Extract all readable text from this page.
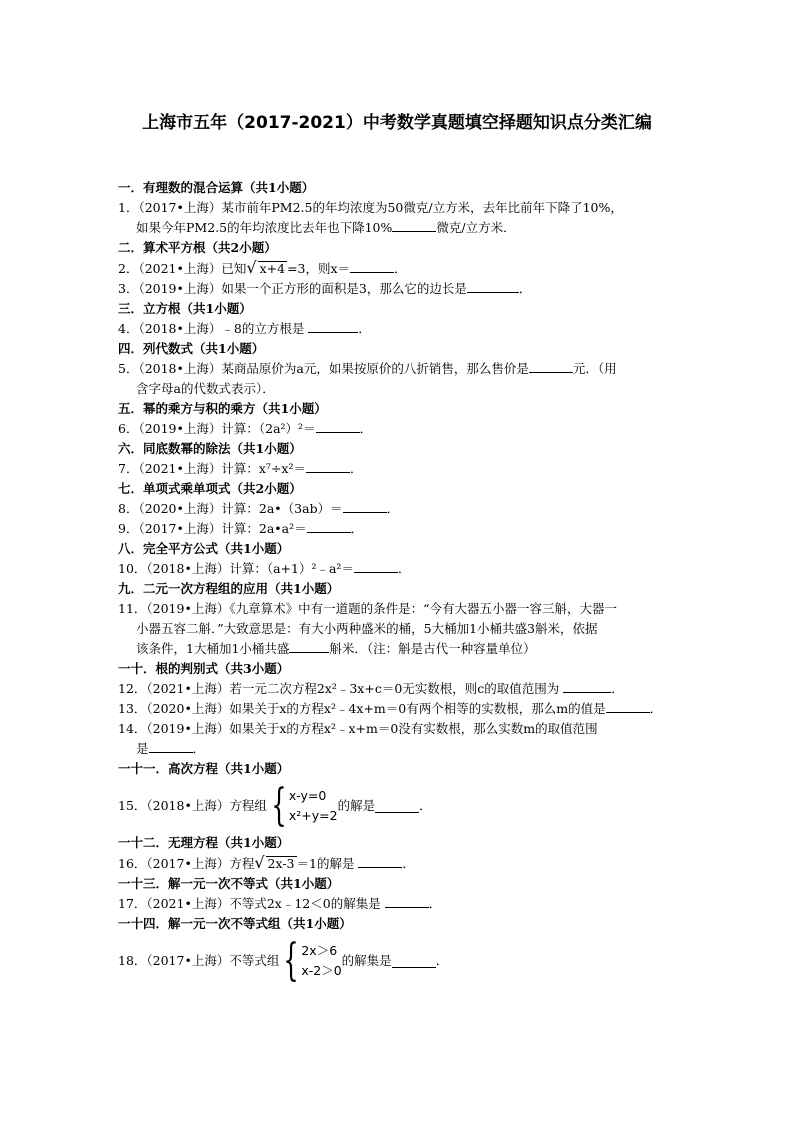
上海市五年（2017-2021）中考数学真题填空择题知识点分类汇编
一．有理数的混合运算（共1小题）
1．（2017•上海）某市前年PM2.5的年均浓度为50微克/立方米，去年比前年下降了10%，
如果今年PM2.5的年均浓度比去年也下降10%	微克/立方米．
二．算术平方根（共2小题）
2．（2021•上海）已知√ x+4 =3，则x＝	．
3．（2019•上海）如果一个正方形的面积是3，那么它的边长是	．
三．立方根（共1小题）
4．（2018•上海）﹣8的立方根是	．
四．列代数式（共1小题）
5．（2018•上海）某商品原价为a元，如果按原价的八折销售，那么售价是	元．（用
含字母a的代数式表示）．
五．幂的乘方与积的乘方（共1小题）
6．（2019•上海）计算：（2a²）²＝	．
六．同底数幂的除法（共1小题）
7．（2021•上海）计算：x⁷÷x²＝	．
七．单项式乘单项式（共2小题）
8．（2020•上海）计算：2a•（3ab）＝	．
9．（2017•上海）计算：2a•a²＝	．
八．完全平方公式（共1小题）
10．（2018•上海）计算：（a+1）²﹣a²＝	．
九．二元一次方程组的应用（共1小题）
11．（2019•上海）《九章算术》中有一道题的条件是：“今有大器五小器一容三斛，大器一
小器五容二斛．”大致意思是：有大小两种盛米的桶，5大桶加1小桶共盛3斛米，依据
该条件，1大桶加1小桶共盛	斛米．（注：斛是古代一种容量单位）
一十．根的判别式（共3小题）
12．（2021•上海）若一元二次方程2x²﹣3x+c＝0无实数根，则c的取值范围为	．
13．（2020•上海）如果关于x的方程x²﹣4x+m＝0有两个相等的实数根，那么m的值是	．
14．（2019•上海）如果关于x的方程x²﹣x+m＝0没有实数根，那么实数m的取值范围
是	．
一十一．高次方程（共1小题）
15．（2018•上海）方程组 { x-y=0
x²+y=2
的解是	．
一十二．无理方程（共1小题）
16．（2017•上海）方程√ 2x-3 ＝1的解是	．
一十三．解一元一次不等式（共1小题）
17．（2021•上海）不等式2x﹣12＜0的解集是	．
一十四．解一元一次不等式组（共1小题）
18．（2017•上海）不等式组 { 2x＞6
x-2＞0
的解集是	．
